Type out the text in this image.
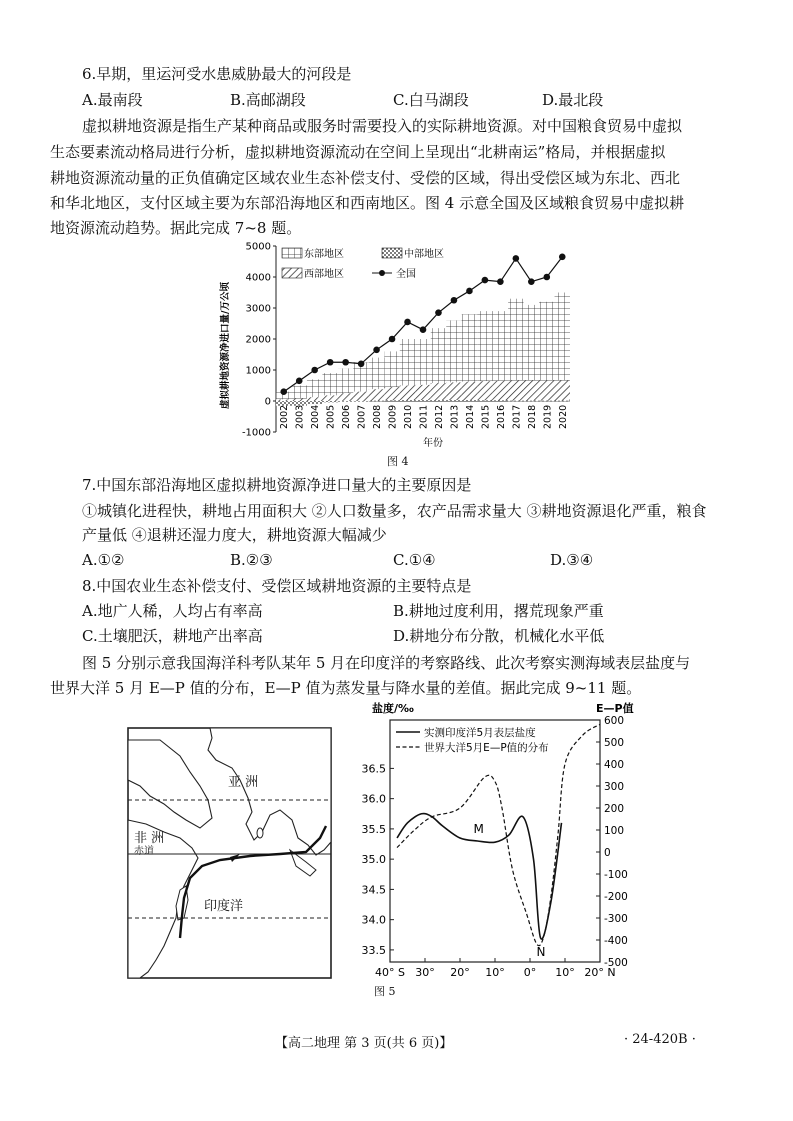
6.早期，里运河受水患威胁最大的河段是
A.最南段	B.高邮湖段	C.白马湖段	D.最北段
虚拟耕地资源是指生产某种商品或服务时需要投入的实际耕地资源。对中国粮食贸易中虚拟
生态要素流动格局进行分析，虚拟耕地资源流动在空间上呈现出“北耕南运”格局，并根据虚拟
耕地资源流动量的正负值确定区域农业生态补偿支付、受偿的区域，得出受偿区域为东北、西北
和华北地区，支付区域主要为东部沿海地区和西南地区。图 4 示意全国及区域粮食贸易中虚拟耕
地资源流动趋势。据此完成 7~8 题。
-1000
0
1000
2000
3000
4000
5000
虚拟耕地资源净进口量/万公顷
2002 2003 2004 2005 2006 2007 2008 2009 2010 2011 2012 2013 2014 2015 2016 2017 2018 2019 2020
年份
东部地区	中部地区
西部地区	全国
图 4
7.中国东部沿海地区虚拟耕地资源净进口量大的主要原因是
①城镇化进程快，耕地占用面积大 ②人口数量多，农产品需求量大 ③耕地资源退化严重，粮食
产量低 ④退耕还湿力度大，耕地资源大幅减少
A.①②	B.②③	C.①④	D.③④
8.中国农业生态补偿支付、受偿区域耕地资源的主要特点是
A.地广人稀，人均占有率高	B.耕地过度利用，撂荒现象严重
C.土壤肥沃，耕地产出率高	D.耕地分布分散，机械化水平低
图 5 分别示意我国海洋科考队某年 5 月在印度洋的考察路线、此次考察实测海域表层盐度与
世界大洋 5 月 E—P 值的分布，E—P 值为蒸发量与降水量的差值。据此完成 9~11 题。
亚 洲
非 洲
赤道
印度洋
盐度/‰	E—P值
33.5
34.0
34.5
35.0
35.5
36.0
36.5
-500
-400
-300
-200
-100
0
100
200
300
400
500
600
40° S 30° 20° 10° 0° 10° 20° N
M
N
实测印度洋5月表层盐度
世界大洋5月E—P值的分布
图 5
【高二地理 第 3 页(共 6 页)】	· 24-420B ·
